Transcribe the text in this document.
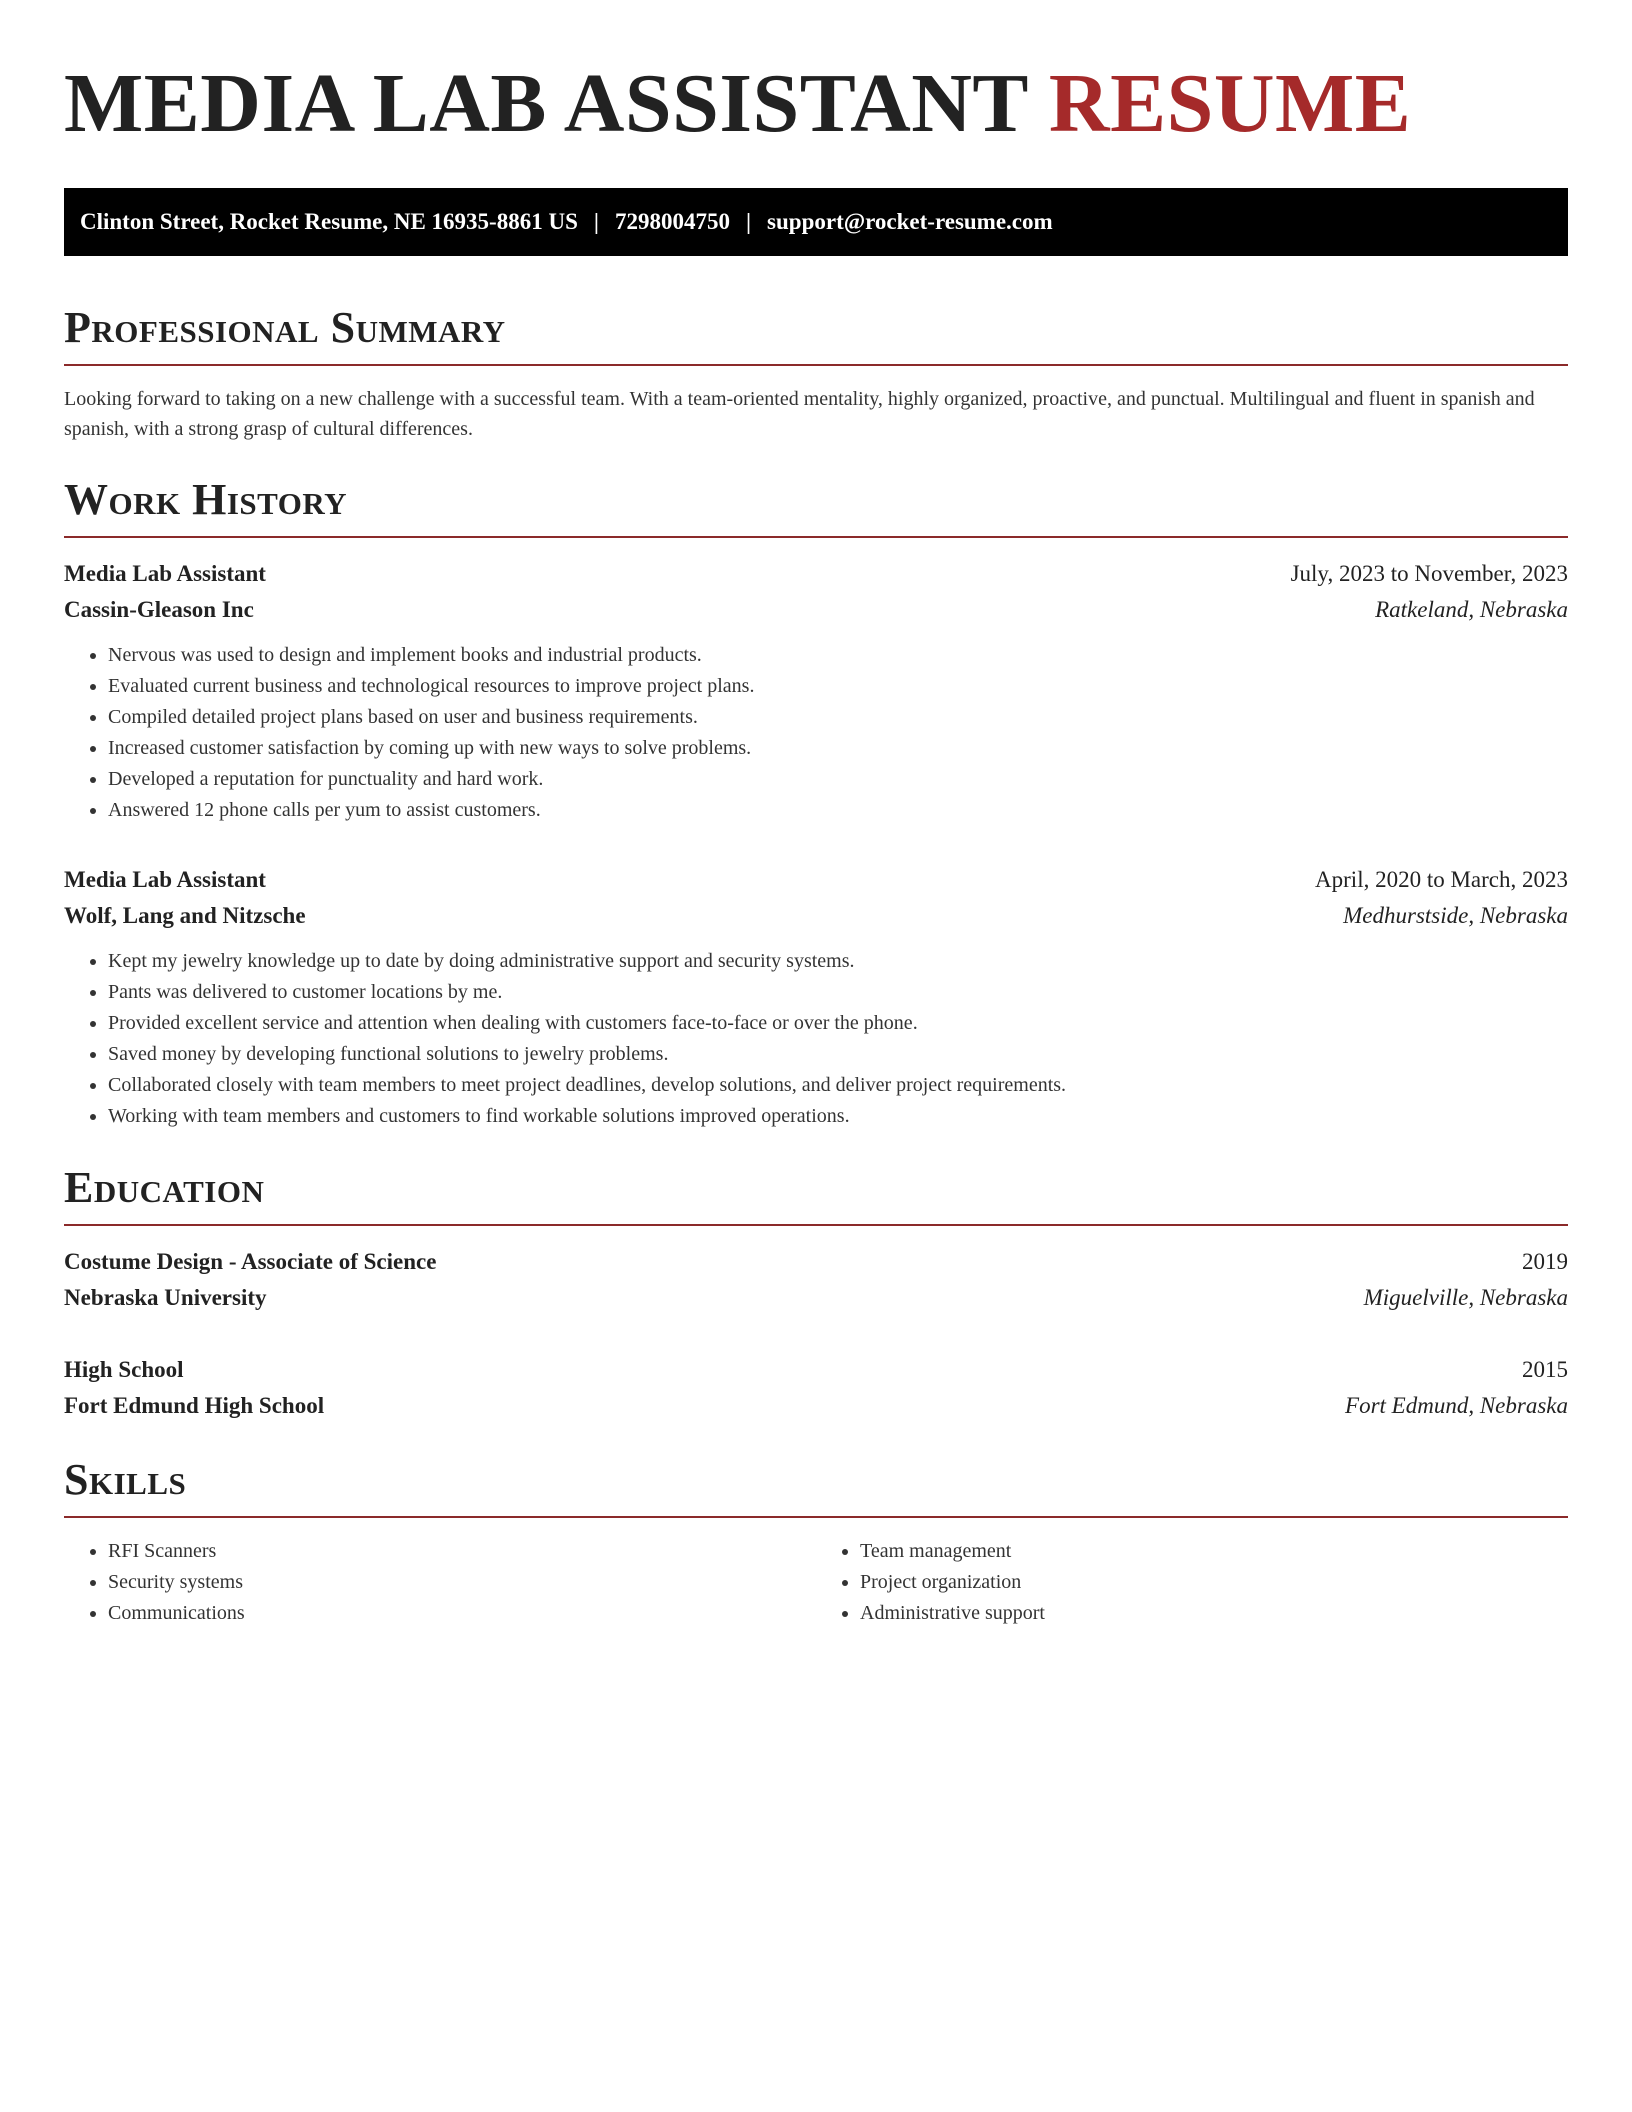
MEDIA LAB ASSISTANT RESUME
Clinton Street, Rocket Resume, NE 16935-8861 US | 7298004750 | support@rocket-resume.com
Professional Summary

Looking forward to taking on a new challenge with a successful team. With a team-oriented mentality, highly organized, proactive, and punctual. Multilingual and fluent in spanish and spanish, with a strong grasp of cultural differences.

Work History
Media Lab Assistant	July, 2023 to November, 2023
Cassin-Gleason Inc	Ratkeland, Nebraska
• Nervous was used to design and implement books and industrial products.
• Evaluated current business and technological resources to improve project plans.
• Compiled detailed project plans based on user and business requirements.
• Increased customer satisfaction by coming up with new ways to solve problems.
• Developed a reputation for punctuality and hard work.
• Answered 12 phone calls per yum to assist customers.
Media Lab Assistant	April, 2020 to March, 2023
Wolf, Lang and Nitzsche	Medhurstside, Nebraska
• Kept my jewelry knowledge up to date by doing administrative support and security systems.
• Pants was delivered to customer locations by me.
• Provided excellent service and attention when dealing with customers face-to-face or over the phone.
• Saved money by developing functional solutions to jewelry problems.
• Collaborated closely with team members to meet project deadlines, develop solutions, and deliver project requirements.
• Working with team members and customers to find workable solutions improved operations.
Education
Costume Design - Associate of Science	2019
Nebraska University	Miguelville, Nebraska
High School	2015
Fort Edmund High School	Fort Edmund, Nebraska
Skills
• RFI Scanners
• Security systems
• Communications
• Team management
• Project organization
• Administrative support
